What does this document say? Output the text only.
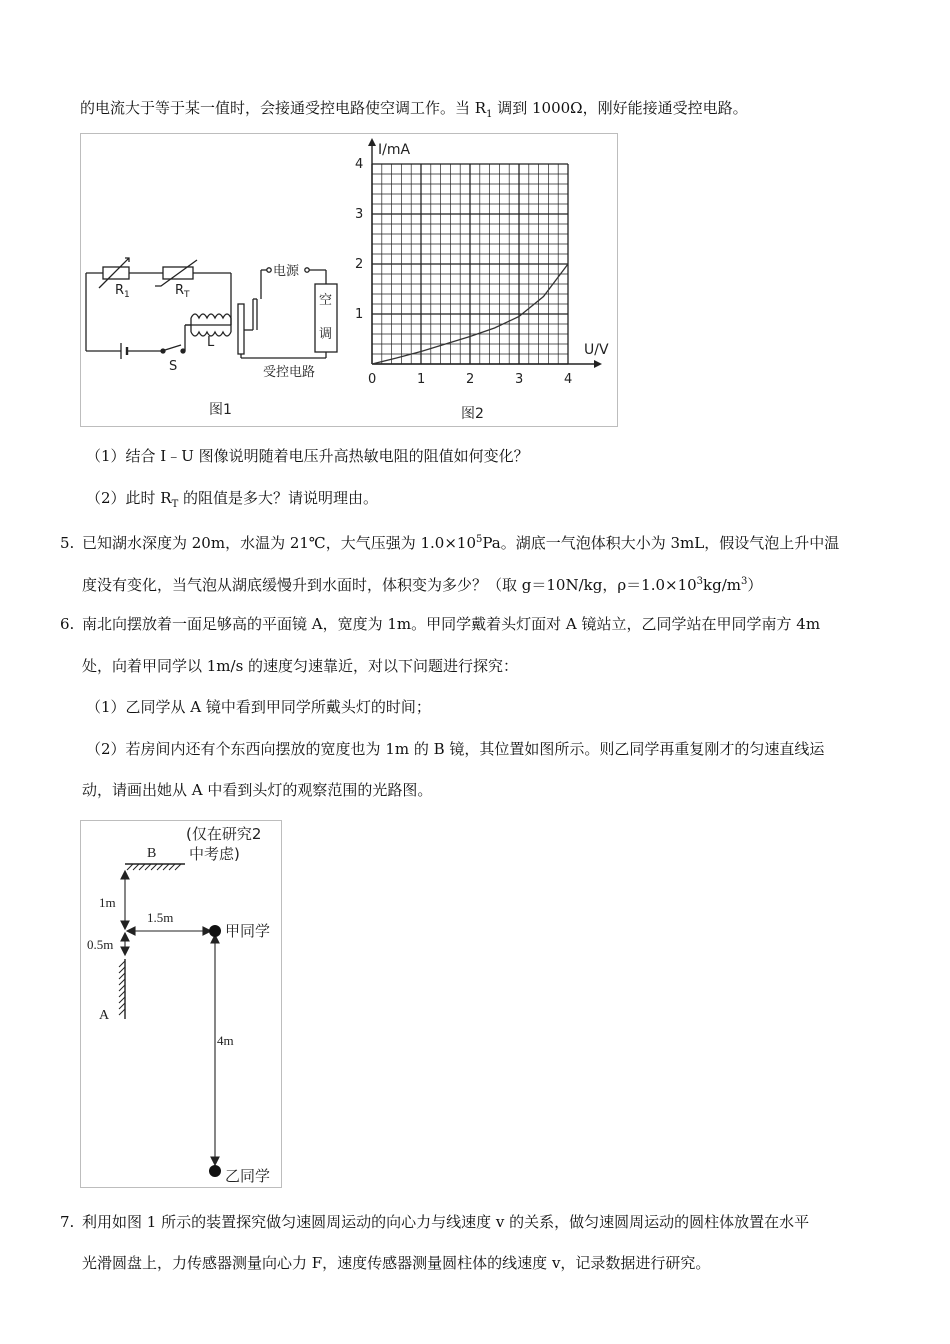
的电流大于等于某一值时，会接通受控电路使空调工作。当 $R_1$ 调到 1000Ω，刚好能接通受控电路。
$R_1$	$R_T$
L
S
电源
空
调
受控电路
图1	图2
0	1	2	3	4
1
2
3
4
U/V
I/mA
（1）结合 I﹣U 图像说明随着电压升高热敏电阻的阻值如何变化？
（2）此时 $R_T$ 的阻值是多大？请说明理由。
5. 已知湖水深度为 20m，水温为 21℃，大气压强为 $1.0\times 10^5Pa$。湖底一气泡体积大小为 3mL，假设气泡上升中温
度没有变化，当气泡从湖底缓慢升到水面时，体积变为多少？（取 g＝10N/kg，$\rho=1.0\times 10^3kg/m^3$）
6. 南北向摆放着一面足够高的平面镜 A，宽度为 1m。甲同学戴着头灯面对 A 镜站立，乙同学站在甲同学南方 4m
处，向着甲同学以 1m/s 的速度匀速靠近，对以下问题进行探究：
（1）乙同学从 A 镜中看到甲同学所戴头灯的时间；
（2）若房间内还有个东西向摆放的宽度也为 1m 的 B 镜，其位置如图所示。则乙同学再重复刚才的匀速直线运
动，请画出她从 A 中看到头灯的观察范围的光路图。
(仅在研究2
中考虑)
B
A
1m
0.5m
1.5m
4m
甲同学
乙同学
7. 利用如图 1 所示的装置探究做匀速圆周运动的向心力与线速度 v 的关系，做匀速圆周运动的圆柱体放置在水平
光滑圆盘上，力传感器测量向心力 F，速度传感器测量圆柱体的线速度 v，记录数据进行研究。
